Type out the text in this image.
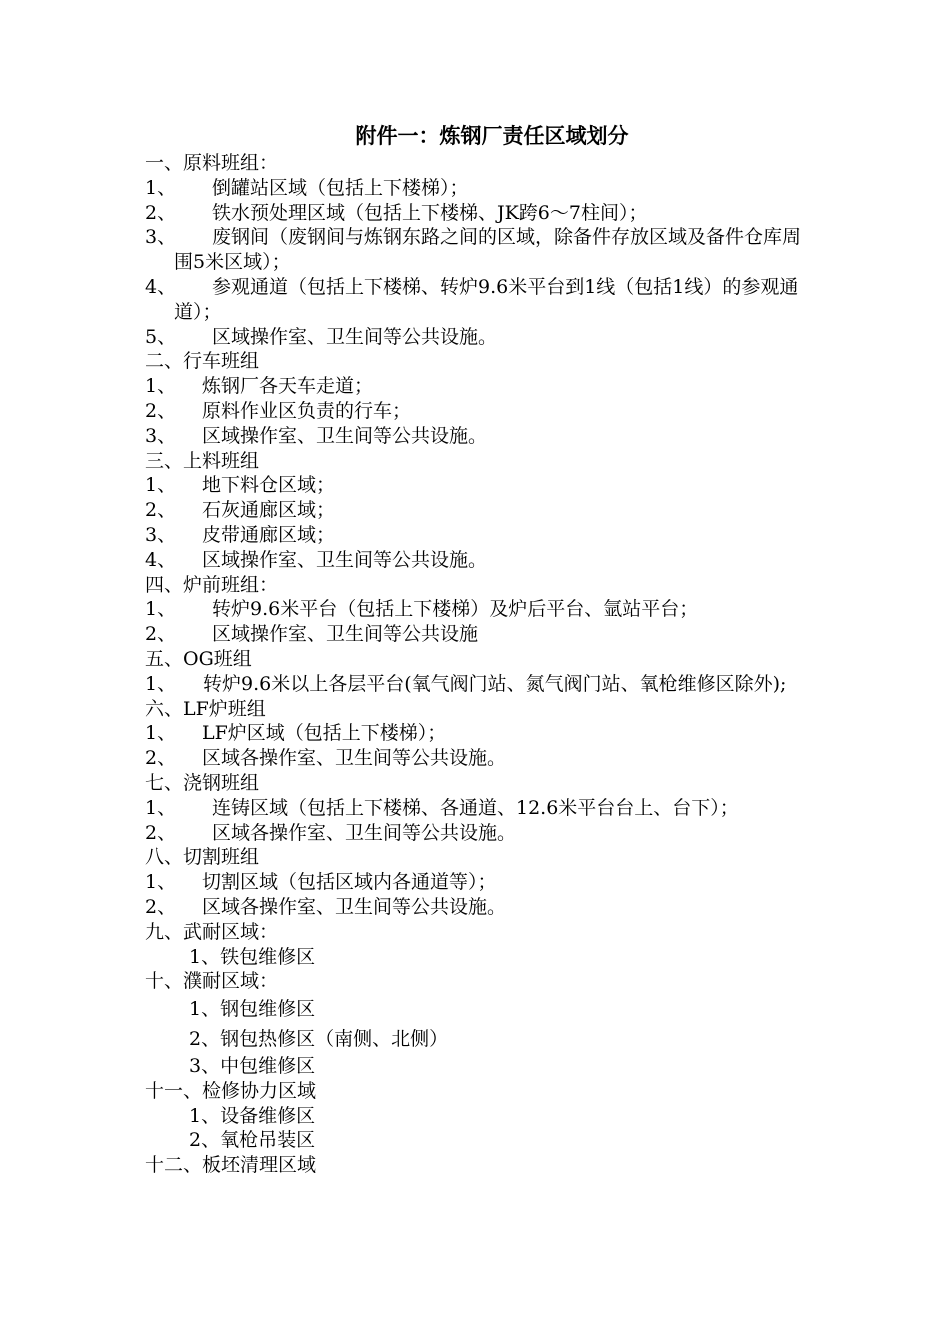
附件一：炼钢厂责任区域划分
一、原料班组：
1、	倒罐站区域（包括上下楼梯）；
2、	铁水预处理区域（包括上下楼梯、JK跨6～7柱间）；
3、	废钢间（废钢间与炼钢东路之间的区域，除备件存放区域及备件仓库周围5米区域）；
4、	参观通道（包括上下楼梯、转炉9.6米平台到1线（包括1线）的参观通道）；
5、	区域操作室、卫生间等公共设施。
二、行车班组
1、	炼钢厂各天车走道；
2、	原料作业区负责的行车；
3、	区域操作室、卫生间等公共设施。
三、上料班组
1、	地下料仓区域；
2、	石灰通廊区域；
3、	皮带通廊区域；
4、	区域操作室、卫生间等公共设施。
四、炉前班组：
1、	转炉9.6米平台（包括上下楼梯）及炉后平台、氩站平台；
2、	区域操作室、卫生间等公共设施
五、OG班组
1、	转炉9.6米以上各层平台(氧气阀门站、氮气阀门站、氧枪维修区除外);
六、LF炉班组
1、	LF炉区域（包括上下楼梯）；
2、	区域各操作室、卫生间等公共设施。
七、浇钢班组
1、	连铸区域（包括上下楼梯、各通道、12.6米平台台上、台下）；
2、	区域各操作室、卫生间等公共设施。
八、切割班组
1、	切割区域（包括区域内各通道等）；
2、	区域各操作室、卫生间等公共设施。
九、武耐区域：
1、铁包维修区
十、濮耐区域：
1、钢包维修区
2、钢包热修区（南侧、北侧）
3、中包维修区
十一、检修协力区域
1、设备维修区
2、氧枪吊装区
十二、板坯清理区域
